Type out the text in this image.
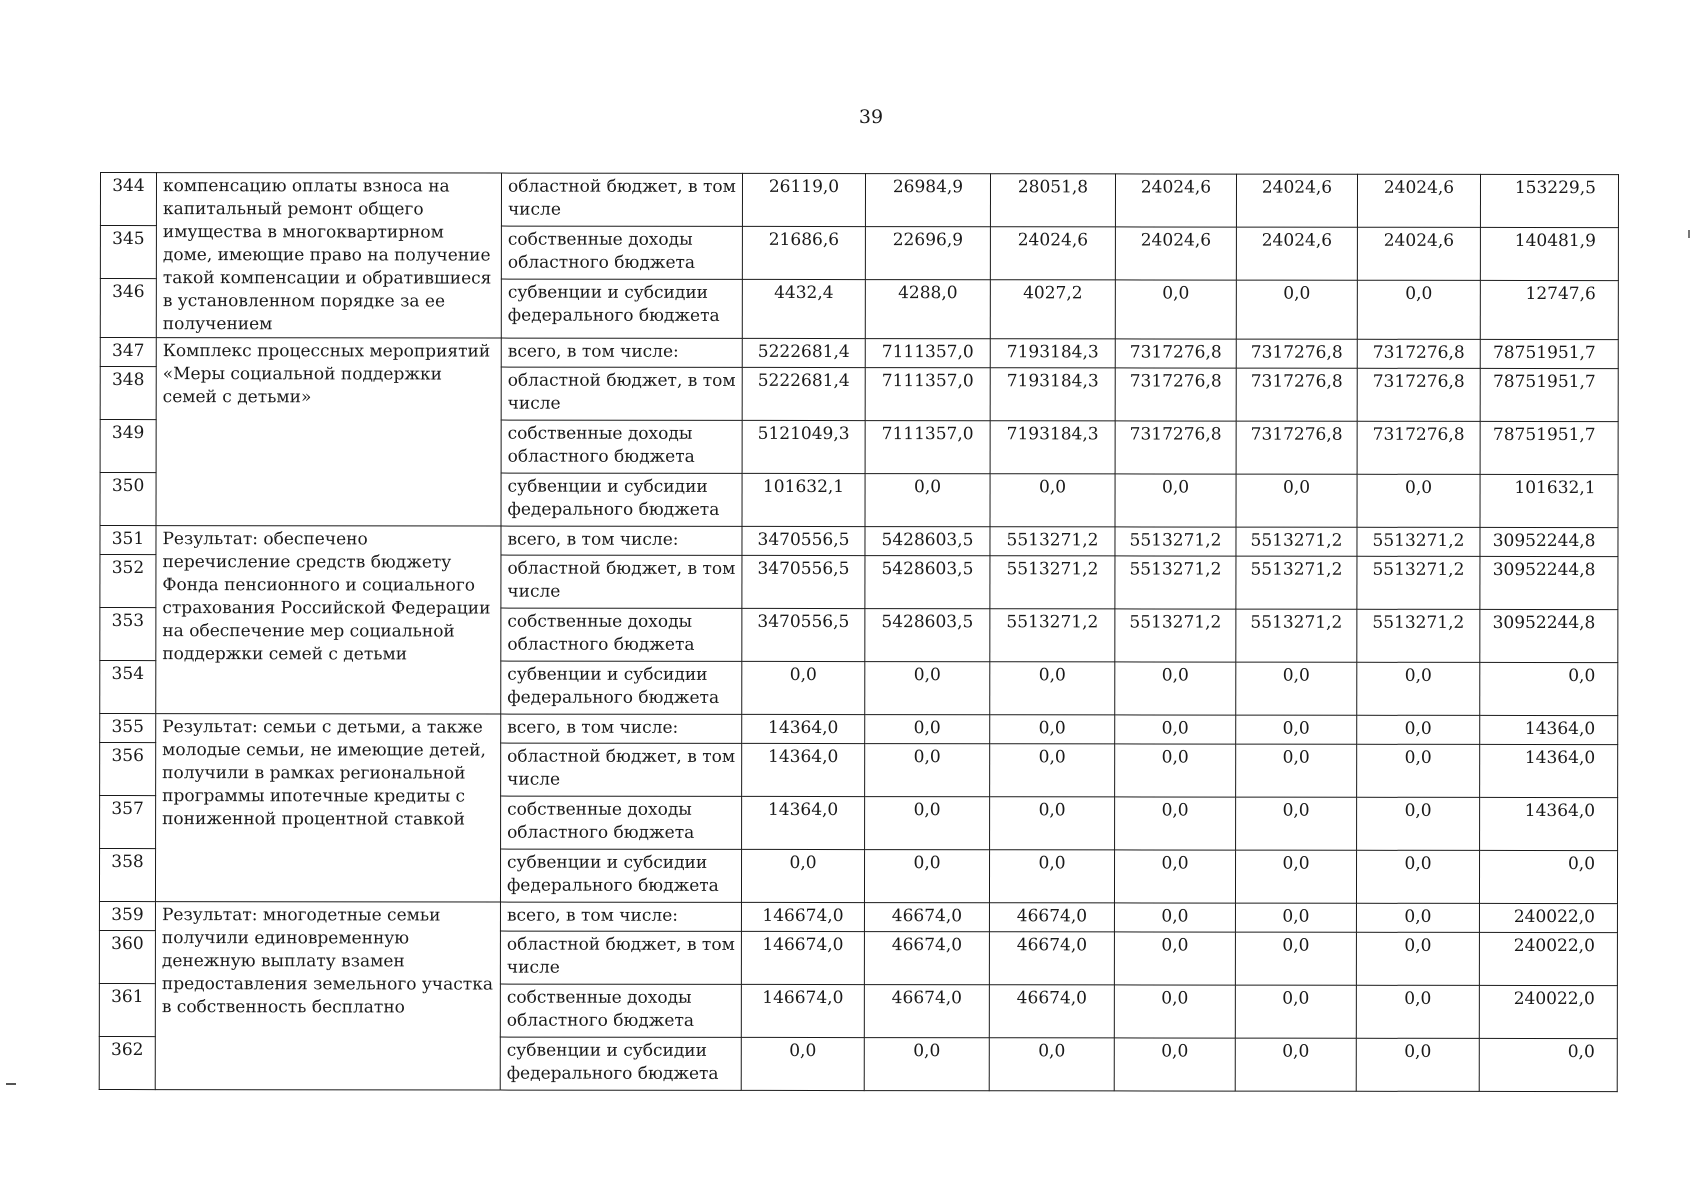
39
344	компенсацию оплаты взноса на капитальный ремонт общего имущества в многоквартирном доме, имеющие право на получение такой компенсации и обратившиеся в установленном порядке за ее получением	областной бюджет, в том числе	26119,0	26984,9	28051,8	24024,6	24024,6	24024,6	153229,5
345		собственные доходы областного бюджета	21686,6	22696,9	24024,6	24024,6	24024,6	24024,6	140481,9
346		субвенции и субсидии федерального бюджета	4432,4	4288,0	4027,2	0,0	0,0	0,0	12747,6
347	Комплекс процессных мероприятий «Меры социальной поддержки семей с детьми»	всего, в том числе:	5222681,4	7111357,0	7193184,3	7317276,8	7317276,8	7317276,8	78751951,7
348		областной бюджет, в том числе	5222681,4	7111357,0	7193184,3	7317276,8	7317276,8	7317276,8	78751951,7
349		собственные доходы областного бюджета	5121049,3	7111357,0	7193184,3	7317276,8	7317276,8	7317276,8	78751951,7
350		субвенции и субсидии федерального бюджета	101632,1	0,0	0,0	0,0	0,0	0,0	101632,1
351	Результат: обеспечено перечисление средств бюджету Фонда пенсионного и социального страхования Российской Федерации на обеспечение мер социальной поддержки семей с детьми	всего, в том числе:	3470556,5	5428603,5	5513271,2	5513271,2	5513271,2	5513271,2	30952244,8
352		областной бюджет, в том числе	3470556,5	5428603,5	5513271,2	5513271,2	5513271,2	5513271,2	30952244,8
353		собственные доходы областного бюджета	3470556,5	5428603,5	5513271,2	5513271,2	5513271,2	5513271,2	30952244,8
354		субвенции и субсидии федерального бюджета	0,0	0,0	0,0	0,0	0,0	0,0	0,0
355	Результат: семьи с детьми, а также молодые семьи, не имеющие детей, получили в рамках региональной программы ипотечные кредиты с пониженной процентной ставкой	всего, в том числе:	14364,0	0,0	0,0	0,0	0,0	0,0	14364,0
356		областной бюджет, в том числе	14364,0	0,0	0,0	0,0	0,0	0,0	14364,0
357		собственные доходы областного бюджета	14364,0	0,0	0,0	0,0	0,0	0,0	14364,0
358		субвенции и субсидии федерального бюджета	0,0	0,0	0,0	0,0	0,0	0,0	0,0
359	Результат: многодетные семьи получили единовременную денежную выплату взамен предоставления земельного участка в собственность бесплатно	всего, в том числе:	146674,0	46674,0	46674,0	0,0	0,0	0,0	240022,0
360		областной бюджет, в том числе	146674,0	46674,0	46674,0	0,0	0,0	0,0	240022,0
361		собственные доходы областного бюджета	146674,0	46674,0	46674,0	0,0	0,0	0,0	240022,0
362		субвенции и субсидии федерального бюджета	0,0	0,0	0,0	0,0	0,0	0,0	0,0
